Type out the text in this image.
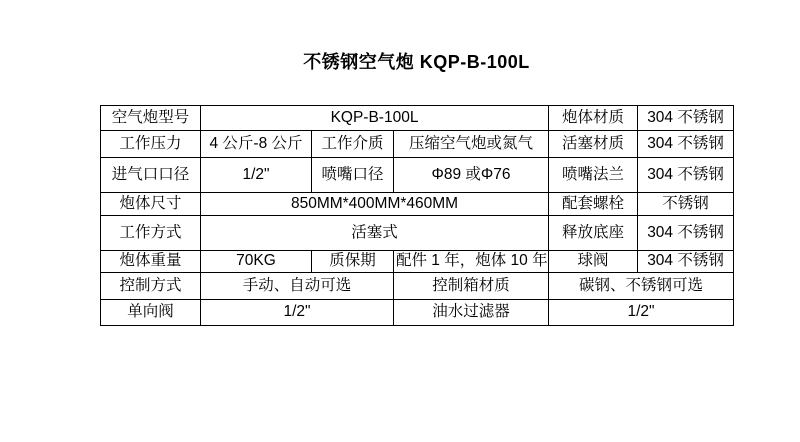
不锈钢空气炮 KQP-B-100L
空气炮型号	KQP-B-100L			炮体材质	304 不锈钢
工作压力	4 公斤-8 公斤	工作介质	压缩空气炮或氮气	活塞材质	304 不锈钢
进气口口径	1/2"	喷嘴口径	Φ89 或Φ76	喷嘴法兰	304 不锈钢
炮体尺寸	850MM*400MM*460MM			配套螺栓	不锈钢
工作方式	活塞式			释放底座	304 不锈钢
炮体重量	70KG	质保期	配件 1 年，炮体 10 年	球阀	304 不锈钢
控制方式	手动、自动可选		控制箱材质	碳钢、不锈钢可选	
单向阀	1/2"		油水过滤器	1/2"	
